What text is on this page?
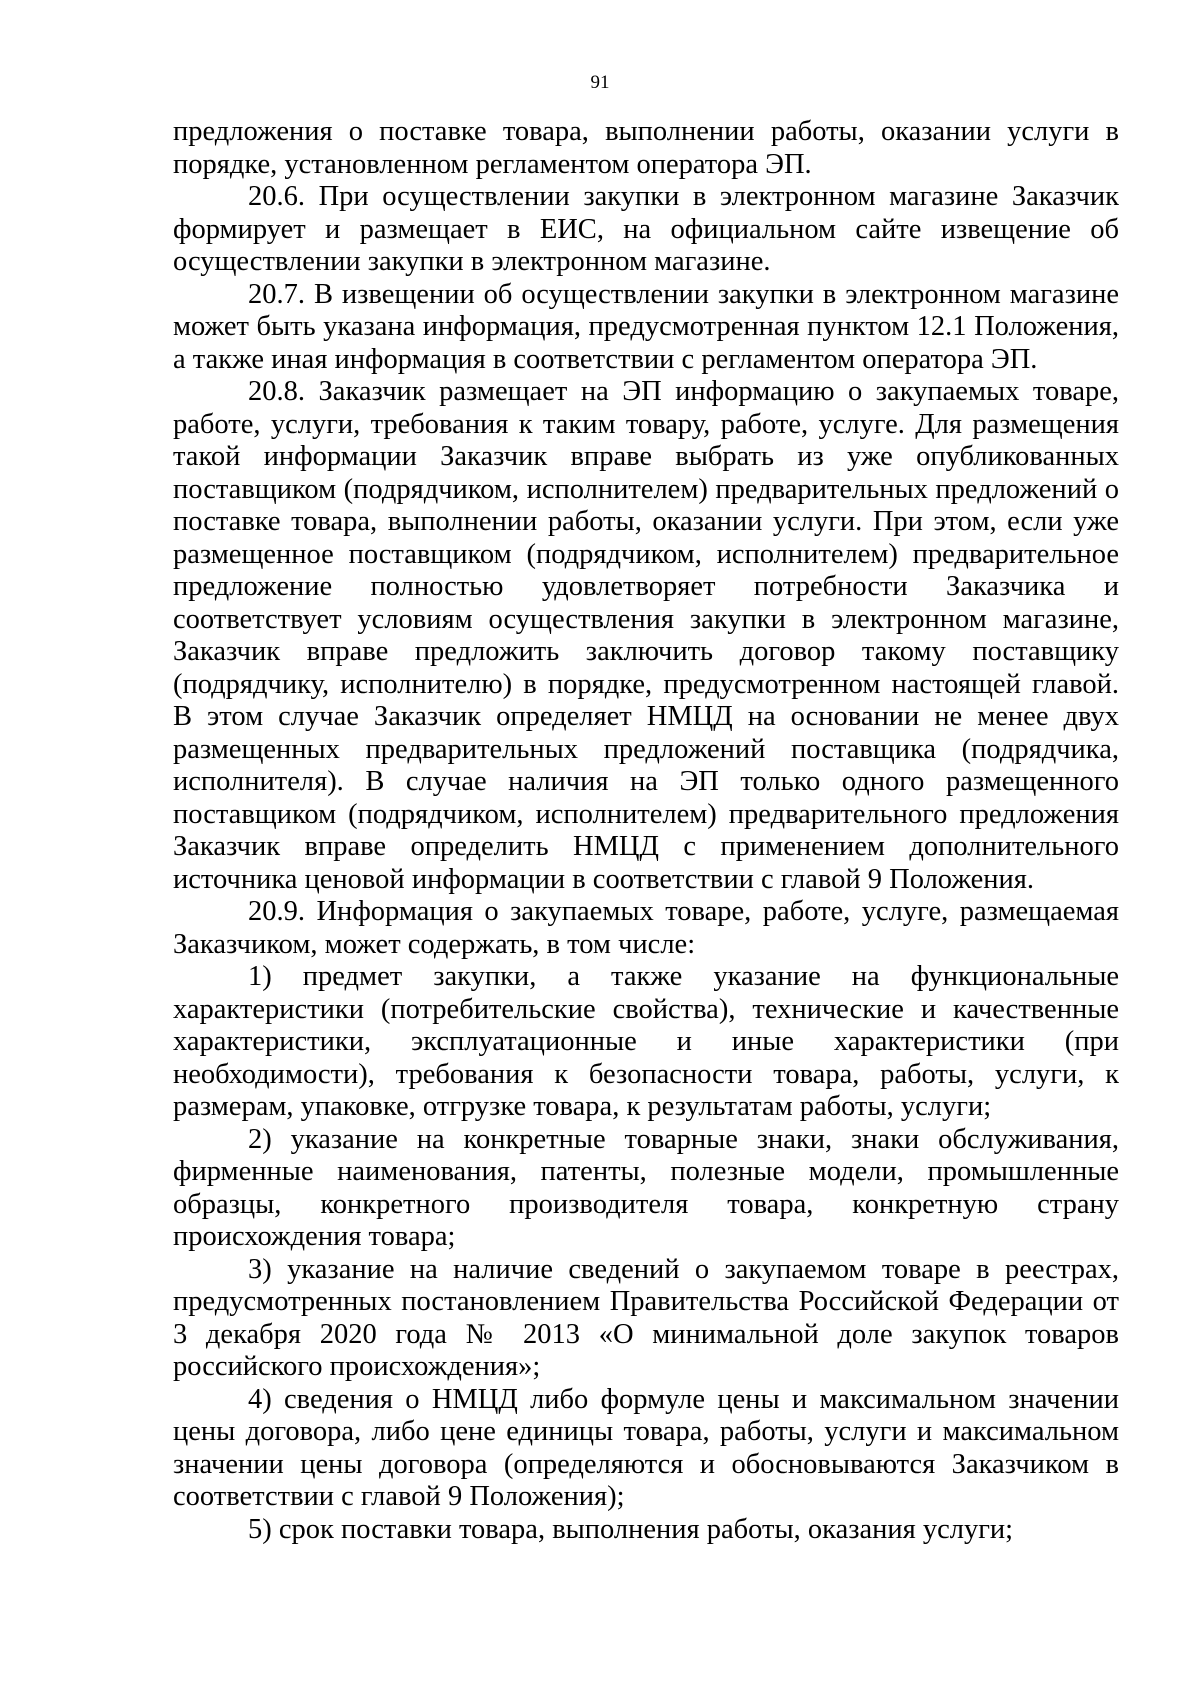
91

предложения о поставке товара, выполнении работы, оказании услуги в порядке, установленном регламентом оператора ЭП.

20.6. При осуществлении закупки в электронном магазине Заказчик формирует и размещает в ЕИС, на официальном сайте извещение об осуществлении закупки в электронном магазине.

20.7. В извещении об осуществлении закупки в электронном магазине может быть указана информация, предусмотренная пунктом 12.1 Положения, а также иная информация в соответствии с регламентом оператора ЭП.

20.8. Заказчик размещает на ЭП информацию о закупаемых товаре, работе, услуги, требования к таким товару, работе, услуге. Для размещения такой информации Заказчик вправе выбрать из уже опубликованных поставщиком (подрядчиком, исполнителем) предварительных предложений о поставке товара, выполнении работы, оказании услуги. При этом, если уже размещенное поставщиком (подрядчиком, исполнителем) предварительное предложение полностью удовлетворяет потребности Заказчика и соответствует условиям осуществления закупки в электронном магазине, Заказчик вправе предложить заключить договор такому поставщику (подрядчику, исполнителю) в порядке, предусмотренном настоящей главой. В этом случае Заказчик определяет НМЦД на основании не менее двух размещенных предварительных предложений поставщика (подрядчика, исполнителя). В случае наличия на ЭП только одного размещенного поставщиком (подрядчиком, исполнителем) предварительного предложения Заказчик вправе определить НМЦД с применением дополнительного источника ценовой информации в соответствии с главой 9 Положения.

20.9. Информация о закупаемых товаре, работе, услуге, размещаемая Заказчиком, может содержать, в том числе:

1) предмет закупки, а также указание на функциональные характеристики (потребительские свойства), технические и качественные характеристики, эксплуатационные и иные характеристики (при необходимости), требования к безопасности товара, работы, услуги, к размерам, упаковке, отгрузке товара, к результатам работы, услуги;

2) указание на конкретные товарные знаки, знаки обслуживания, фирменные наименования, патенты, полезные модели, промышленные образцы, конкретного производителя товара, конкретную страну происхождения товара;

3) указание на наличие сведений о закупаемом товаре в реестрах, предусмотренных постановлением Правительства Российской Федерации от 3 декабря 2020 года № 2013 «О минимальной доле закупок товаров российского происхождения»;

4) сведения о НМЦД либо формуле цены и максимальном значении цены договора, либо цене единицы товара, работы, услуги и максимальном значении цены договора (определяются и обосновываются Заказчиком в соответствии с главой 9 Положения);

5) срок поставки товара, выполнения работы, оказания услуги;
